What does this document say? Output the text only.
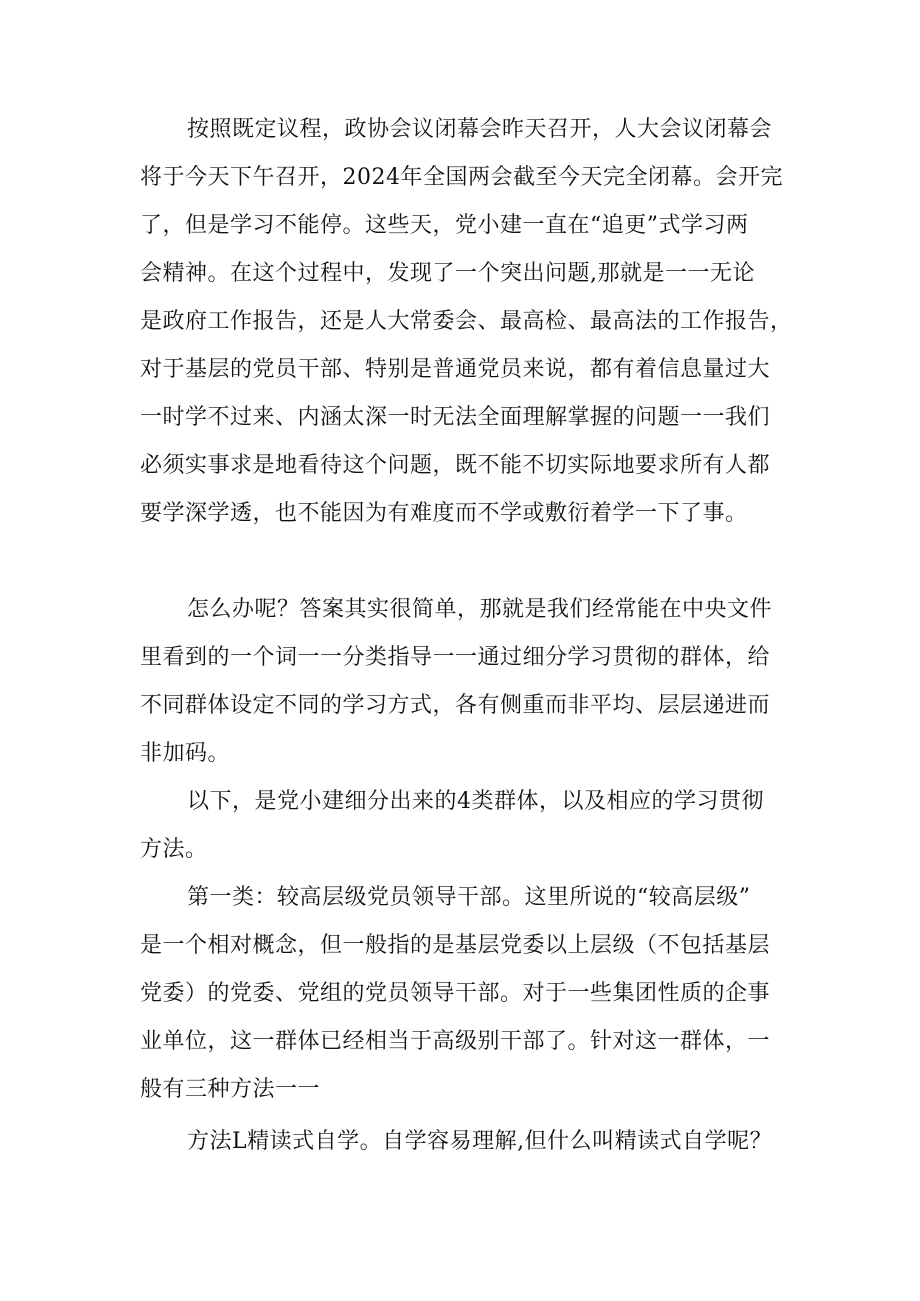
按照既定议程，政协会议闭幕会昨天召开，人大会议闭幕会
将于今天下午召开，2024年全国两会截至今天完全闭幕。会开完
了，但是学习不能停。这些天，党小建一直在“追更”式学习两
会精神。在这个过程中，发现了一个突出问题,那就是一一无论
是政府工作报告，还是人大常委会、最高检、最高法的工作报告，
对于基层的党员干部、特别是普通党员来说，都有着信息量过大
一时学不过来、内涵太深一时无法全面理解掌握的问题一一我们
必须实事求是地看待这个问题，既不能不切实际地要求所有人都
要学深学透，也不能因为有难度而不学或敷衍着学一下了事。
怎么办呢？答案其实很简单，那就是我们经常能在中央文件
里看到的一个词一一分类指导一一通过细分学习贯彻的群体，给
不同群体设定不同的学习方式，各有侧重而非平均、层层递进而
非加码。
以下，是党小建细分出来的4类群体，以及相应的学习贯彻
方法。
第一类：较高层级党员领导干部。这里所说的“较高层级”
是一个相对概念，但一般指的是基层党委以上层级（不包括基层
党委）的党委、党组的党员领导干部。对于一些集团性质的企事
业单位，这一群体已经相当于高级别干部了。针对这一群体，一
般有三种方法一一
方法L精读式自学。自学容易理解,但什么叫精读式自学呢？
